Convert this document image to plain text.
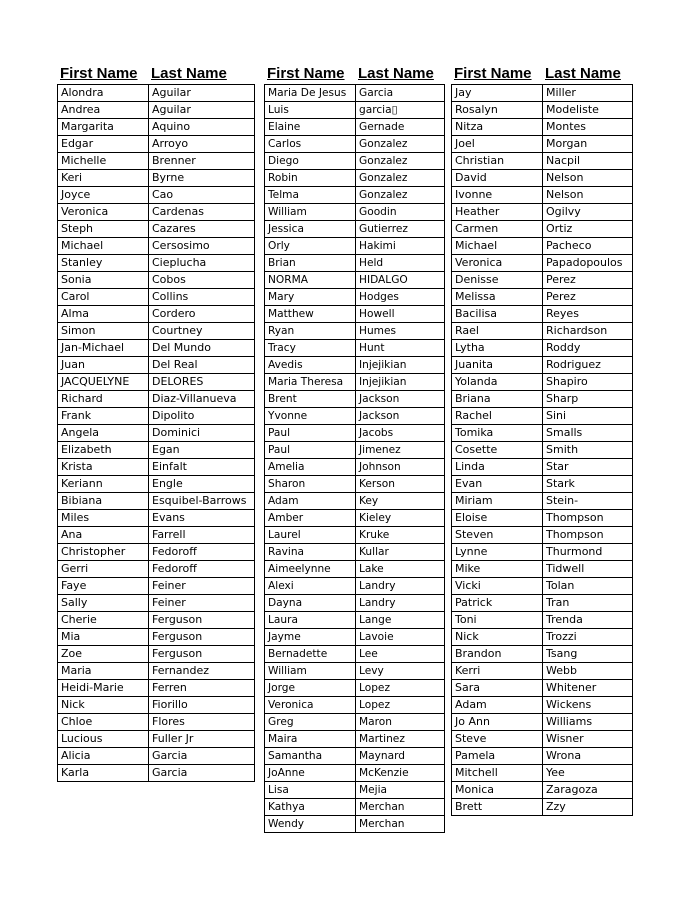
First Name Last Name
Alondra	Aguilar
Andrea	Aguilar
Margarita	Aquino
Edgar	Arroyo
Michelle	Brenner
Keri	Byrne
Joyce	Cao
Veronica	Cardenas
Steph	Cazares
Michael	Cersosimo
Stanley	Cieplucha
Sonia	Cobos
Carol	Collins
Alma	Cordero
Simon	Courtney
Jan-Michael	Del Mundo
Juan	Del Real
JACQUELYNE	DELORES
Richard	Diaz-Villanueva
Frank	Dipolito
Angela	Dominici
Elizabeth	Egan
Krista	Einfalt
Keriann	Engle
Bibiana	Esquibel-Barrows
Miles	Evans
Ana	Farrell
Christopher	Fedoroff
Gerri	Fedoroff
Faye	Feiner
Sally	Feiner
Cherie	Ferguson
Mia	Ferguson
Zoe	Ferguson
Maria	Fernandez
Heidi-Marie	Ferren
Nick	Fiorillo
Chloe	Flores
Lucious	Fuller Jr
Alicia	Garcia
Karla	Garcia
First Name Last Name
Maria De Jesus	Garcia
Luis	garcia▯
Elaine	Gernade
Carlos	Gonzalez
Diego	Gonzalez
Robin	Gonzalez
Telma	Gonzalez
William	Goodin
Jessica	Gutierrez
Orly	Hakimi
Brian	Held
NORMA	HIDALGO
Mary	Hodges
Matthew	Howell
Ryan	Humes
Tracy	Hunt
Avedis	Injejikian
Maria Theresa	Injejikian
Brent	Jackson
Yvonne	Jackson
Paul	Jacobs
Paul	Jimenez
Amelia	Johnson
Sharon	Kerson
Adam	Key
Amber	Kieley
Laurel	Kruke
Ravina	Kullar
Aimeelynne	Lake
Alexi	Landry
Dayna	Landry
Laura	Lange
Jayme	Lavoie
Bernadette	Lee
William	Levy
Jorge	Lopez
Veronica	Lopez
Greg	Maron
Maira	Martinez
Samantha	Maynard
JoAnne	McKenzie
Lisa	Mejia
Kathya	Merchan
Wendy	Merchan
First Name Last Name
Jay	Miller
Rosalyn	Modeliste
Nitza	Montes
Joel	Morgan
Christian	Nacpil
David	Nelson
Ivonne	Nelson
Heather	Ogilvy
Carmen	Ortiz
Michael	Pacheco
Veronica	Papadopoulos
Denisse	Perez
Melissa	Perez
Bacilisa	Reyes
Rael	Richardson
Lytha	Roddy
Juanita	Rodriguez
Yolanda	Shapiro
Briana	Sharp
Rachel	Sini
Tomika	Smalls
Cosette	Smith
Linda	Star
Evan	Stark
Miriam	Stein-
Eloise	Thompson
Steven	Thompson
Lynne	Thurmond
Mike	Tidwell
Vicki	Tolan
Patrick	Tran
Toni	Trenda
Nick	Trozzi
Brandon	Tsang
Kerri	Webb
Sara	Whitener
Adam	Wickens
Jo Ann	Williams
Steve	Wisner
Pamela	Wrona
Mitchell	Yee
Monica	Zaragoza
Brett	Zzy
